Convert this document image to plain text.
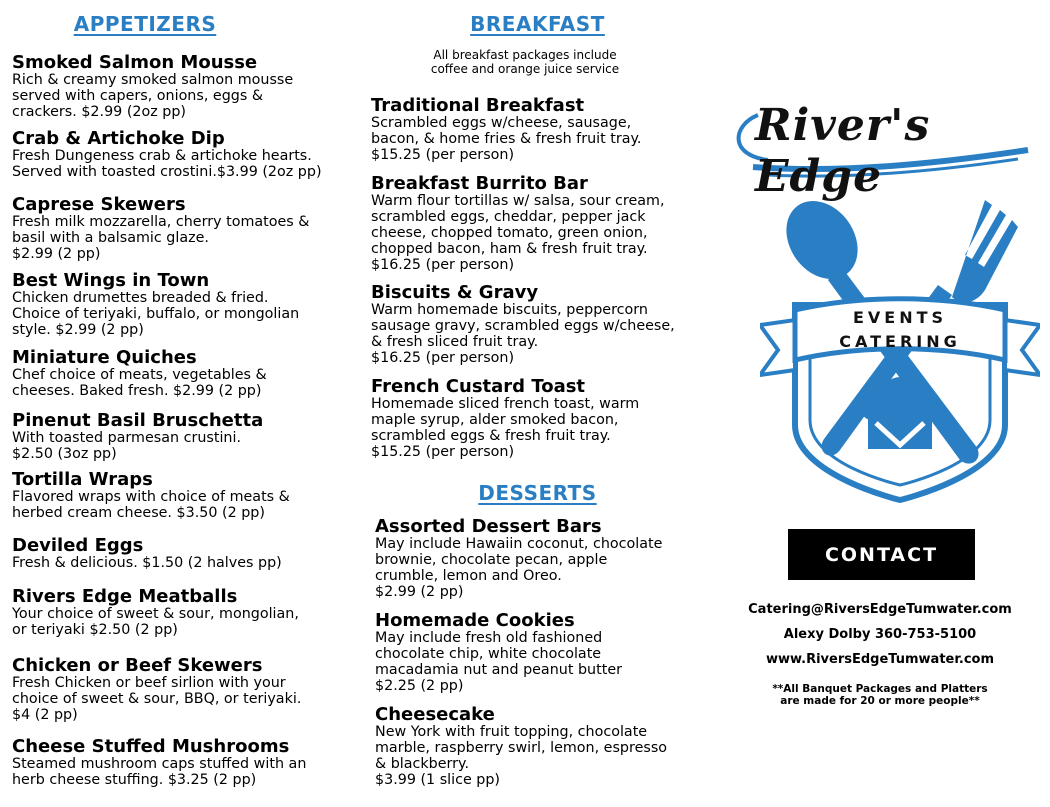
APPETIZERS	BREAKFAST
All breakfast packages include
coffee and orange juice service
DESSERTS
Smoked Salmon Mousse
Rich & creamy smoked salmon mousse
served with capers, onions, eggs &
crackers. $2.99 (2oz pp)
Crab & Artichoke Dip
Fresh Dungeness crab & artichoke hearts.
Served with toasted crostini.$3.99 (2oz pp)
Caprese Skewers
Fresh milk mozzarella, cherry tomatoes &
basil with a balsamic glaze.
$2.99 (2 pp)
Best Wings in Town
Chicken drumettes breaded & fried.
Choice of teriyaki, buffalo, or mongolian
style. $2.99 (2 pp)
Miniature Quiches
Chef choice of meats, vegetables &
cheeses. Baked fresh. $2.99 (2 pp)
Pinenut Basil Bruschetta
With toasted parmesan crustini.
$2.50 (3oz pp)
Tortilla Wraps
Flavored wraps with choice of meats &
herbed cream cheese. $3.50 (2 pp)
Deviled Eggs
Fresh & delicious. $1.50 (2 halves pp)
Rivers Edge Meatballs
Your choice of sweet & sour, mongolian,
or teriyaki $2.50 (2 pp)
Chicken or Beef Skewers
Fresh Chicken or beef sirlion with your
choice of sweet & sour, BBQ, or teriyaki.
$4 (2 pp)
Cheese Stuffed Mushrooms
Steamed mushroom caps stuffed with an
herb cheese stuffing. $3.25 (2 pp)
Traditional Breakfast
Scrambled eggs w/cheese, sausage,
bacon, & home fries & fresh fruit tray.
$15.25 (per person)
Breakfast Burrito Bar
Warm flour tortillas w/ salsa, sour cream,
scrambled eggs, cheddar, pepper jack
cheese, chopped tomato, green onion,
chopped bacon, ham & fresh fruit tray.
$16.25 (per person)
Biscuits & Gravy
Warm homemade biscuits, peppercorn
sausage gravy, scrambled eggs w/cheese,
& fresh sliced fruit tray.
$16.25 (per person)
French Custard Toast
Homemade sliced french toast, warm
maple syrup, alder smoked bacon,
scrambled eggs & fresh fruit tray.
$15.25 (per person)
Assorted Dessert Bars
May include Hawaiin coconut, chocolate
brownie, chocolate pecan, apple
crumble, lemon and Oreo.
$2.99 (2 pp)
Homemade Cookies
May include fresh old fashioned
chocolate chip, white chocolate
macadamia nut and peanut butter
$2.25 (2 pp)
Cheesecake
New York with fruit topping, chocolate
marble, raspberry swirl, lemon, espresso
& blackberry.
$3.99 (1 slice pp)
River's Edge
EVENTS
CATERING
CONTACT
Catering@RiversEdgeTumwater.com
Alexy Dolby 360-753-5100
www.RiversEdgeTumwater.com
**All Banquet Packages and Platters
are made for 20 or more people**
